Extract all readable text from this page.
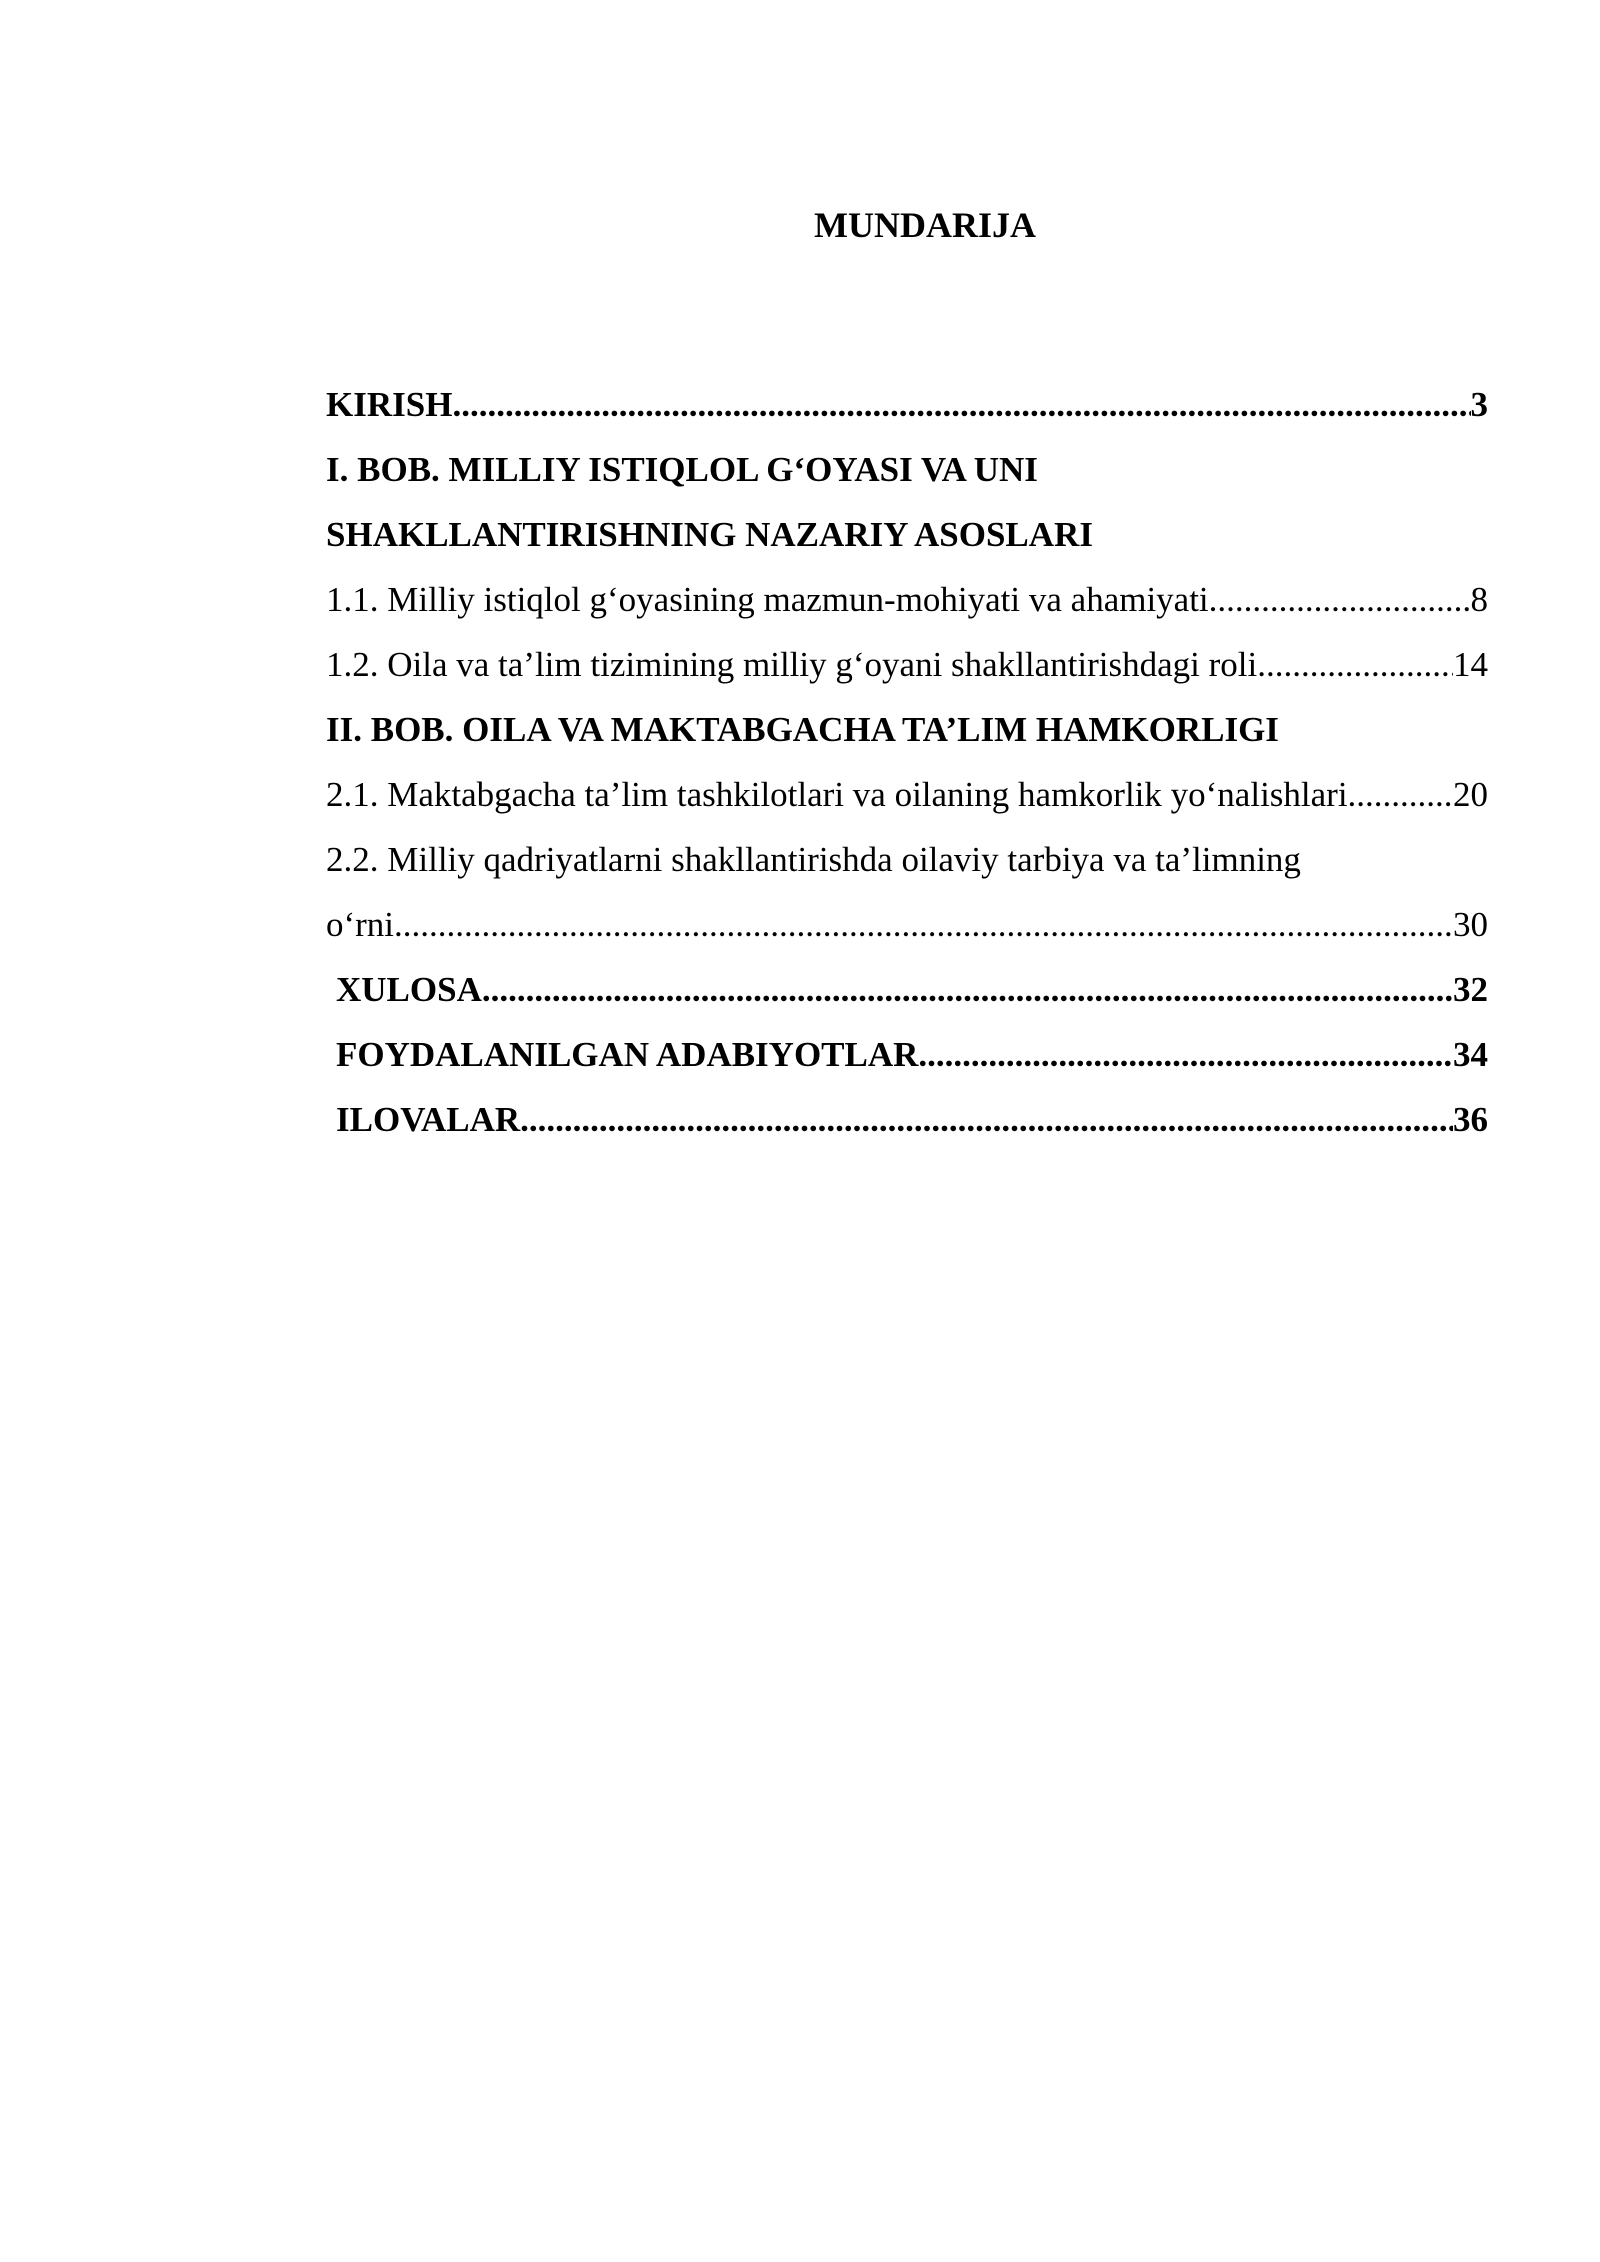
MUNDARIJA
KIRISH .....	3
I. BOB. MILLIY ISTIQLOL G‘OYASI VA UNI
SHAKLLANTIRISHNING NAZARIY ASOSLARI
1.1. Milliy istiqlol g‘oyasining mazmun-mohiyati va ahamiyati .....	8
1.2. Oila va ta’lim tizimining milliy g‘oyani shakllantirishdagi roli .....	14
II. BOB. OILA VA MAKTABGACHA TA’LIM HAMKORLIGI
2.1. Maktabgacha ta’lim tashkilotlari va oilaning hamkorlik yo‘nalishlari .....	20
2.2. Milliy qadriyatlarni shakllantirishda oilaviy tarbiya va ta’limning
o‘rni .....	30
XULOSA .....	32
FOYDALANILGAN ADABIYOTLAR .....	34
ILOVALAR .....	36
